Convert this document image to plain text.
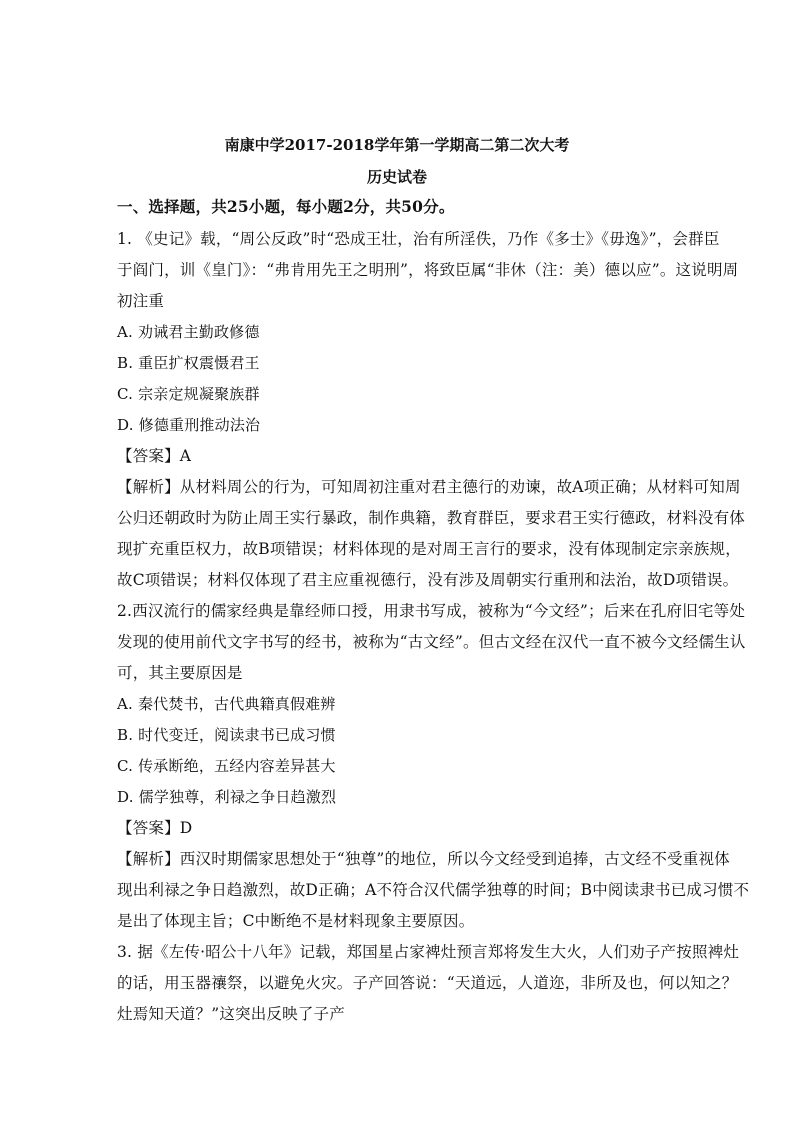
南康中学2017-2018学年第一学期高二第二次大考
历史试卷
一、选择题，共25小题，每小题2分，共50分。
1. 《史记》载，“周公反政”时“恐成王壮，治有所淫佚，乃作《多士》《毋逸》”，会群臣
于阎门，训《皇门》：“弗肯用先王之明刑”，将致臣属“非休（注：美）德以应”。这说明周
初注重
A. 劝诫君主勤政修德
B. 重臣扩权震慑君王
C. 宗亲定规凝聚族群
D. 修德重刑推动法治
【答案】A
【解析】从材料周公的行为，可知周初注重对君主德行的劝谏，故A项正确；从材料可知周
公归还朝政时为防止周王实行暴政，制作典籍，教育群臣，要求君王实行德政，材料没有体
现扩充重臣权力，故B项错误；材料体现的是对周王言行的要求，没有体现制定宗亲族规，
故C项错误；材料仅体现了君主应重视德行，没有涉及周朝实行重刑和法治，故D项错误。
2.西汉流行的儒家经典是靠经师口授，用隶书写成，被称为“今文经”；后来在孔府旧宅等处
发现的使用前代文字书写的经书，被称为“古文经”。但古文经在汉代一直不被今文经儒生认
可，其主要原因是
A. 秦代焚书，古代典籍真假难辨
B. 时代变迁，阅读隶书已成习惯
C. 传承断绝，五经内容差异甚大
D. 儒学独尊，利禄之争日趋激烈
【答案】D
【解析】西汉时期儒家思想处于“独尊”的地位，所以今文经受到追捧，古文经不受重视体
现出利禄之争日趋激烈，故D正确；A不符合汉代儒学独尊的时间；B中阅读隶书已成习惯不
是出了体现主旨；C中断绝不是材料现象主要原因。
3. 据《左传·昭公十八年》记载，郑国星占家裨灶预言郑将发生大火，人们劝子产按照裨灶
的话，用玉器禳祭，以避免火灾。子产回答说：“天道远，人道迩，非所及也，何以知之？
灶焉知天道？”这突出反映了子产
